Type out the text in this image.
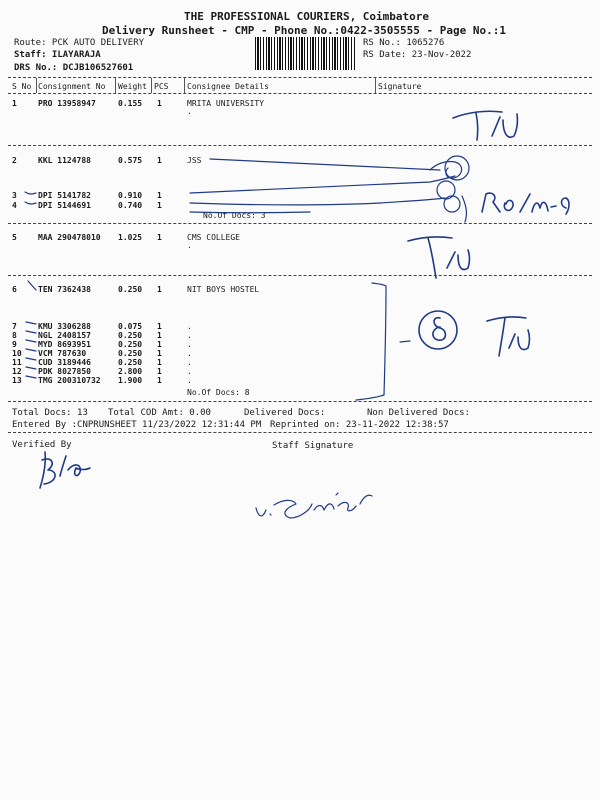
THE PROFESSIONAL COURIERS, Coimbatore
Delivery Runsheet - CMP - Phone No.:0422-3505555 - Page No.:1
Route: PCK AUTO DELIVERY
Staff: ILAYARAJA
DRS No.: DCJB106527601
RS No.: 1065276
RS Date: 23-Nov-2022
S No Consignment No Weight PCS Consignee Details	Signature
1	PRO 13958947	0.155 1	MRITA UNIVERSITY
.
2	KKL 1124788	0.575 1	JSS
3	DPI 5141782	0.910 1
4	DPI 5144691	0.740 1
No.Of Docs: 3
5	MAA 290478010 1.025 1	CMS COLLEGE
.
6	TEN 7362438	0.250 1	NIT BOYS HOSTEL
7	KMU 3306288	0.075 1	.
8	NGL 2408157	0.250 1	.
9	MYD 8693951	0.250 1	.
10 VCM 787630	0.250 1	.
11 CUD 3189446	0.250 1	.
12 PDK 8027850	2.800 1	.
13 TMG 200310732 1.900 1	.
No.Of Docs: 8
Total Docs: 13 Total COD Amt: 0.00	Delivered Docs:	Non Delivered Docs:
Entered By :CNPRUNSHEET 11/23/2022 12:31:44 PM Reprinted on: 23-11-2022 12:38:57
Verified By	Staff Signature
